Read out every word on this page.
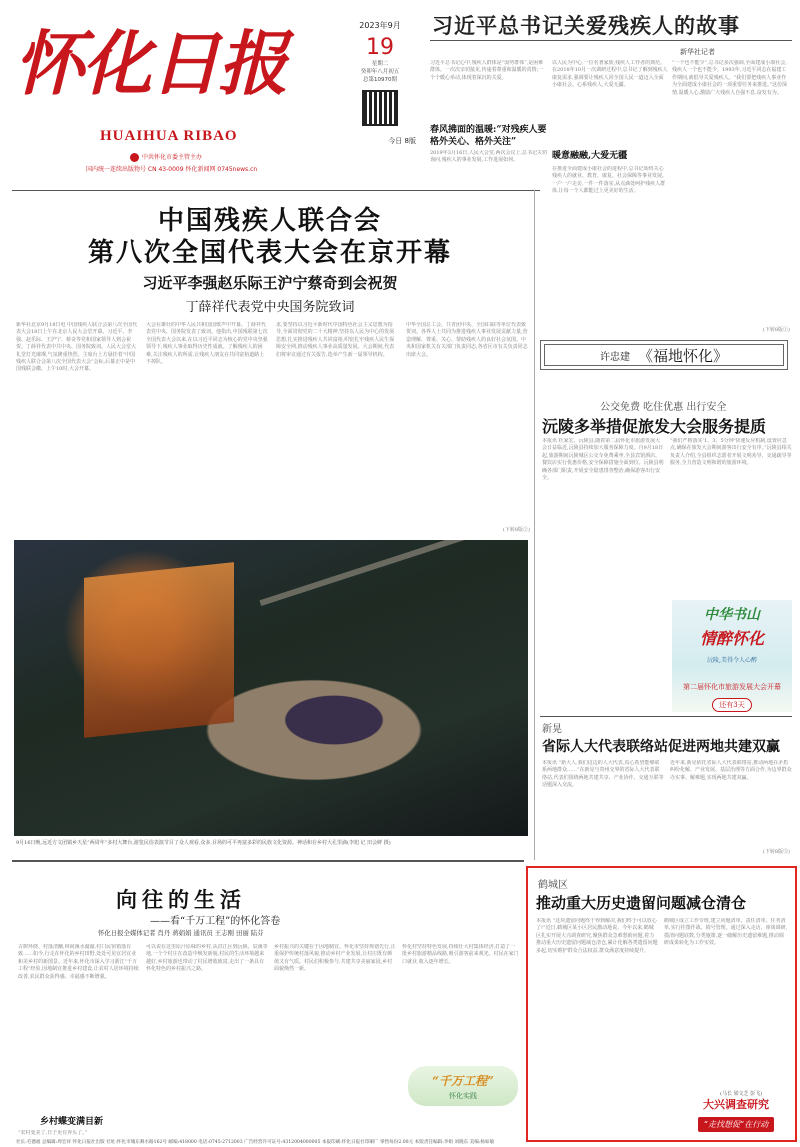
怀化日报
HUAIHUA RIBAO
中共怀化市委主管主办
国内统一连续出版物号 CN 43-0009 怀化新闻网 0745news.cn
2023年9月
19
星期二
癸卯年八月初五
总第10970期
今日 8版
习近平总书记关爱残疾人的故事
新华社记者
习近平总书记心中,残疾人群体是“弱势群体”,是困难群体。一次次亲切接见,传递着尊重和温暖的真情;一个个暖心举动,体现着深沉的关爱。
春风拂面的温暖:“对残疾人要格外关心、格外关注”
2019年3月16日,人民大会堂,两次会议上,总书记关切询问,残疾人的事业发展,工作进展如何。
以人民为中心,一位名著家族,残疾人工作者的典范。在2018年10月一次调研过程中,总书记了解到残疾人康复需求,强调要让残疾人同全国人民一道迈入全面小康社会。心系残疾人,大爱无疆。
暖意融融,大爱无疆
在推进全面建成小康社会的进程中,总书记始终关心残疾人的就业、教育、康复、社会保障等事业发展。一户一户走访,一件一件落实,从点滴处呵护残疾人群体,让每一个人都能过上更美好的生活。
“一个也不能少”,总书记多次强调,全面建成小康社会,残疾人一个也不能少。1993年,习近平同志在福建工作期间,就倡导关爱残疾人。“我们要把残疾人事业作为全面建成小康社会的一项重要任务来推进。”这份深情,温暖人心,激励广大残疾人自强不息,奋发有为。
(下转8版①)
中国残疾人联合会
第八次全国代表大会在京开幕
习近平李强赵乐际王沪宁蔡奇到会祝贺
丁薛祥代表党中央国务院致词
新华社北京9月18日电 中国残疾人联合会第八次全国代表大会18日上午在北京人民大会堂开幕。习近平、李强、赵乐际、王沪宁、蔡奇等党和国家领导人到会祝贺。丁薛祥代表中共中央、国务院致词。人民大会堂大礼堂灯光璀璨,气氛隆重热烈。主席台上方悬挂着“中国残疾人联合会第八次全国代表大会”会标,后幕正中是中国残联会徽。上午10时,大会开幕。
大会在雄壮的中华人民共和国国歌声中开幕。丁薛祥代表党中央、国务院发表了致词。他指出,中国残联第七次全国代表大会以来,在以习近平同志为核心的党中央坚强领导下,残疾人事业取得历史性成就。了解残疾人的困难,关注残疾人的所需,让残疾人朋友在共同富裕道路上不掉队。
求,要坚持以习近平新时代中国特色社会主义思想为指导,全面贯彻党的二十大精神,坚持以人民为中心的发展思想,扎实推进残疾人共同富裕,织密扎牢残疾人民生保障安全网,推动残疾人事业高质量发展。大会期间,代表们将审议通过有关报告,选举产生新一届领导机构。
中华全国总工会、共青团中央、全国妇联等单位代表致贺词。各界人士共同为推进残疾人事业发展贡献力量,营造理解、尊重、关心、帮助残疾人的良好社会氛围。中央和国家机关有关部门负责同志,各省区市有关负责同志出席大会。
(下转8版②)
9月16日晚,远近方文团镇乡天星“两周年”多村大舞台,游览民俗表演节目了众人观看,众多,目场的可平再富多彩的民族文化资源。神话和在乡村大孔里滴(李旭 记 田会鲜 摄)
许忠建 《福地怀化》
公交免费 吃住优惠 出行安全
沅陵多举措促旅发大会服务提质
本报讯 杜家宏、沅陵县,随着第二届怀化市旅游发展大会日益临近,沅陵县持续加大服务保障力度。自9月18日起,旅游期间沅陵城区公交车免费乘坐,全县宾馆酒店、餐饮店实行优惠价格,安全保障措施全面到位。沅陵县明确各部门职责,开展安全隐患排查整治,确保游客出行安全。
“我们严格落实‘1、3、5分钟’快速反应机制,设置应急点,确保在旅发大会期间游客出行安全有序。”沅陵县相关负责人介绍,全县组织志愿者开展文明劝导、交通疏导等服务,全力营造文明和谐的旅游环境。
中华书山
情醉怀化
沅陵,美得令人心醉
第二届怀化市旅游发展大会开幕
还有3天
新晃
省际人大代表联络站促进两地共建双赢
本报讯 “新大人,我们这边的人大代表,真心希望能够联系两地群众……”在新晃与贵州交界的省际人大代表联络站,代表们围绕两地共建共享、产业协作、交通互联等话题深入交流。
近年来,新晃依托省际人大代表联络站,推动两地在矛盾纠纷化解、产业发展、基层治理等方面合作,为边界群众办实事、解难题,实现两地共建双赢。
(下转8版③)
向往的生活
——看“千万工程”的怀化答卷
怀化日报全媒体记者 肖丹 蒋娟娟 通讯员 王志刚 田丽 陆芬
古树环绕、村落清幽,林间溪水潺潺,村口民宿错落有致……如今,行走在怀化的乡村田野,处处可见宜居宜业和美乡村的新图景。近年来,怀化市深入学习浙江“千万工程”经验,因地制宜推进乡村建设,让农村人居环境持续改善,农民群众获得感、幸福感不断增强。
乡村蝶变满目新
“农村变美了,日子更有奔头了。”
可以说在这里原汁原味的乡村,从洪江区到沅陵、辰溪等地,一个个村庄在改造中焕发新貌,村民的生活环境越来越好,乡村旅游也带动了村民增收致富,走出了一条具有怀化特色的乡村振兴之路。
乡村振兴的关键在于因地制宜。怀化市坚持规划先行,注重保护传统村落风貌,推动乡村产业发展,让村庄既有颜值又有气质。村民们积极参与,共建共享美丽家园,乡村面貌焕然一新。
怀化村坚持特色发展,持续壮大村集体经济,打造了一批乡村旅游精品线路,吸引游客前来观光。村民在家门口就业,收入逐年增长。
“千万工程”
怀化实践
鹤城区
推动重大历史遗留问题减仓清仓
本报讯 “这块遗留问题终于得到解决,我们终于可以放心了!”近日,鹤城区某小区居民激动地说。今年以来,鹤城区扎实开展大兴调查研究,聚焦群众急难愁盼问题,着力推动重大历史遗留问题减仓清仓,累计化解各类遗留问题多起,切实维护群众合法权益,群众满意度持续提升。
鹤城区成立工作专班,建立问题清单、责任清单、任务清单,实行挂图作战、销号管理。通过深入走访、座谈调研,摸清问题底数,分类施策,逐一破解历史遗留难题,推动调研成果转化为工作实效。
(马长 梁文芝 彭飞)
大兴调查研究
“走找想促”在行动
社长:毛德福 总编辑:周宏祥 怀化日报社出版 社址:怀化市城东舞水路162号 邮编:418000 电话:0745-2712003 广告经营许可证号:4312004000005 本报印刷:怀化日报社印刷厂 零售每份2.00元 本版责任编辑:李娟 刘晓东 美编:杨如敏
